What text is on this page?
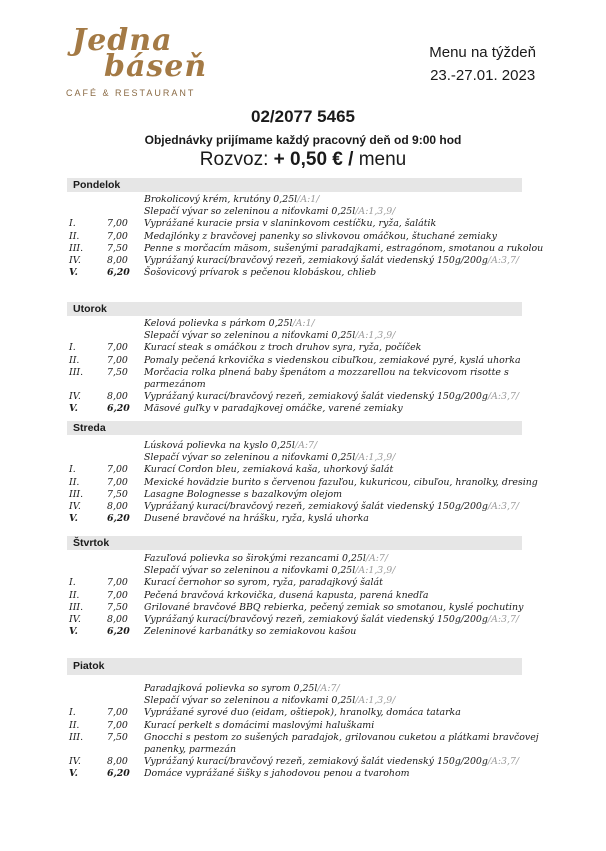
Jedna
báseň
CAFÉ & RESTAURANT
Menu na týždeň
23.-27.01. 2023
02/2077 5465
Objednávky prijímame každý pracovný deň od 9:00 hod
Rozvoz: + 0,50 € / menu
Pondelok
Brokolicový krém, krutóny 0,25l/A:1/
Slepačí vývar so zeleninou a niťovkami 0,25l/A:1,3,9/
I.	7,00 Vyprážané kuracie prsia v slaninkovom cestíčku, ryža, šalátik
II.	7,00 Medajlónky z bravčovej panenky so slivkovou omáčkou, štuchané zemiaky
III.	7,50 Penne s morčacím mäsom, sušenými paradajkami, estragónom, smotanou a rukolou
IV.	8,00 Vyprážaný kurací/bravčový rezeň, zemiakový šalát viedenský 150g/200g/A:3,7/
V.	6,20 Šošovicový prívarok s pečenou klobáskou, chlieb
Utorok
Kelová polievka s párkom 0,25l/A:1/
Slepačí vývar so zeleninou a niťovkami 0,25l/A:1,3,9/
I.	7,00 Kurací steak s omáčkou z troch druhov syra, ryža, počíček
II.	7,00 Pomaly pečená krkovička s viedenskou cibuľkou, zemiakové pyré, kyslá uhorka
III.	7,50 Morčacia rolka plnená baby špenátom a mozzarellou na tekvicovom risotte s parmezánom
IV.	8,00 Vyprážaný kurací/bravčový rezeň, zemiakový šalát viedenský 150g/200g/A:3,7/
V.	6,20 Mäsové guľky v paradajkovej omáčke, varené zemiaky
Streda
Lúsková polievka na kyslo 0,25l/A:7/
Slepačí vývar so zeleninou a niťovkami 0,25l/A:1,3,9/
I.	7,00 Kurací Cordon bleu, zemiaková kaša, uhorkový šalát
II.	7,00 Mexické hovädzie burito s červenou fazuľou, kukuricou, cibuľou, hranolky, dresing
III.	7,50 Lasagne Bolognesse s bazalkovým olejom
IV.	8,00 Vyprážaný kurací/bravčový rezeň, zemiakový šalát viedenský 150g/200g/A:3,7/
V.	6,20 Dusené bravčové na hrášku, ryža, kyslá uhorka
Štvrtok
Fazuľová polievka so širokými rezancami 0,25l/A:7/
Slepačí vývar so zeleninou a niťovkami 0,25l/A:1,3,9/
I.	7,00 Kurací černohor so syrom, ryža, paradajkový šalát
II.	7,00 Pečená bravčová krkovička, dusená kapusta, parená knedľa
III.	7,50 Grilované bravčové BBQ rebierka, pečený zemiak so smotanou, kyslé pochutiny
IV.	8,00 Vyprážaný kurací/bravčový rezeň, zemiakový šalát viedenský 150g/200g/A:3,7/
V.	6,20 Zeleninové karbanátky so zemiakovou kašou
Piatok
Paradajková polievka so syrom 0,25l/A:7/
Slepačí vývar so zeleninou a niťovkami 0,25l/A:1,3,9/
I.	7,00 Vyprážané syrové duo (eidam, oštiepok), hranolky, domáca tatarka
II.	7,00 Kurací perkelt s domácimi maslovými haluškami
III.	7,50 Gnocchi s pestom zo sušených paradajok, grilovanou cuketou a plátkami bravčovej panenky, parmezán
IV.	8,00 Vyprážaný kurací/bravčový rezeň, zemiakový šalát viedenský 150g/200g/A:3,7/
V.	6,20 Domáce vyprážané šišky s jahodovou penou a tvarohom
